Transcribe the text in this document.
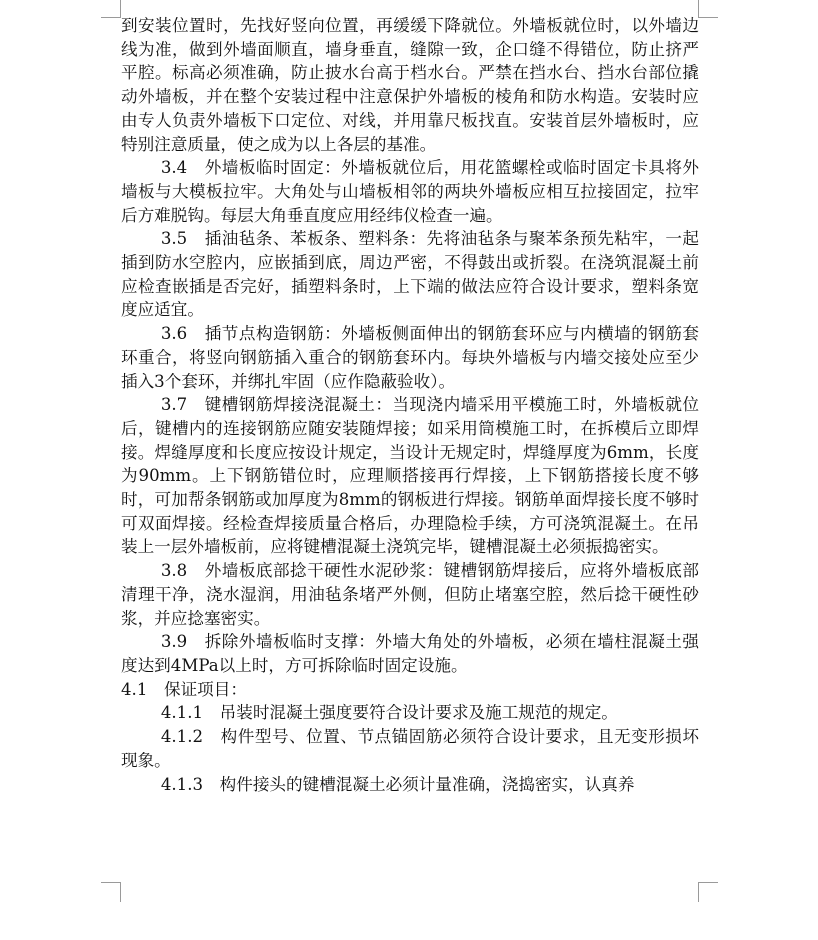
到安装位置时，先找好竖向位置，再缓缓下降就位。外墙板就位时，以外墙边线为准，做到外墙面顺直，墙身垂直，缝隙一致，企口缝不得错位，防止挤严平腔。标高必须准确，防止披水台高于档水台。严禁在挡水台、挡水台部位撬动外墙板，并在整个安装过程中注意保护外墙板的棱角和防水构造。安装时应由专人负责外墙板下口定位、对线，并用靠尺板找直。安装首层外墙板时，应特别注意质量，使之成为以上各层的基准。

3.4　外墙板临时固定：外墙板就位后，用花篮螺栓或临时固定卡具将外墙板与大模板拉牢。大角处与山墙板相邻的两块外墙板应相互拉接固定，拉牢后方难脱钩。每层大角垂直度应用经纬仪检查一遍。

3.5　插油毡条、苯板条、塑料条：先将油毡条与聚苯条预先粘牢，一起插到防水空腔内，应嵌插到底，周边严密，不得鼓出或折裂。在浇筑混凝土前应检查嵌插是否完好，插塑料条时，上下端的做法应符合设计要求，塑料条宽度应适宜。

3.6　插节点构造钢筋：外墙板侧面伸出的钢筋套环应与内横墙的钢筋套环重合，将竖向钢筋插入重合的钢筋套环内。每块外墙板与内墙交接处应至少插入3个套环，并绑扎牢固（应作隐蔽验收）。

3.7　键槽钢筋焊接浇混凝土：当现浇内墙采用平模施工时，外墙板就位后，键槽内的连接钢筋应随安装随焊接；如采用筒模施工时，在拆模后立即焊接。焊缝厚度和长度应按设计规定，当设计无规定时，焊缝厚度为6mm，长度为90mm。上下钢筋错位时，应理顺搭接再行焊接，上下钢筋搭接长度不够时，可加帮条钢筋或加厚度为8mm的钢板进行焊接。钢筋单面焊接长度不够时可双面焊接。经检查焊接质量合格后，办理隐检手续，方可浇筑混凝土。在吊装上一层外墙板前，应将键槽混凝土浇筑完毕，键槽混凝土必须振捣密实。

3.8　外墙板底部捻干硬性水泥砂浆：键槽钢筋焊接后，应将外墙板底部清理干净，浇水湿润，用油毡条堵严外侧，但防止堵塞空腔，然后捻干硬性砂浆，并应捻塞密实。

3.9　拆除外墙板临时支撑：外墙大角处的外墙板，必须在墙柱混凝土强度达到4MPa以上时，方可拆除临时固定设施。

4.1　保证项目：

4.1.1　吊装时混凝土强度要符合设计要求及施工规范的规定。

4.1.2　构件型号、位置、节点锚固筋必须符合设计要求，且无变形损坏现象。

4.1.3　构件接头的键槽混凝土必须计量准确，浇捣密实，认真养
